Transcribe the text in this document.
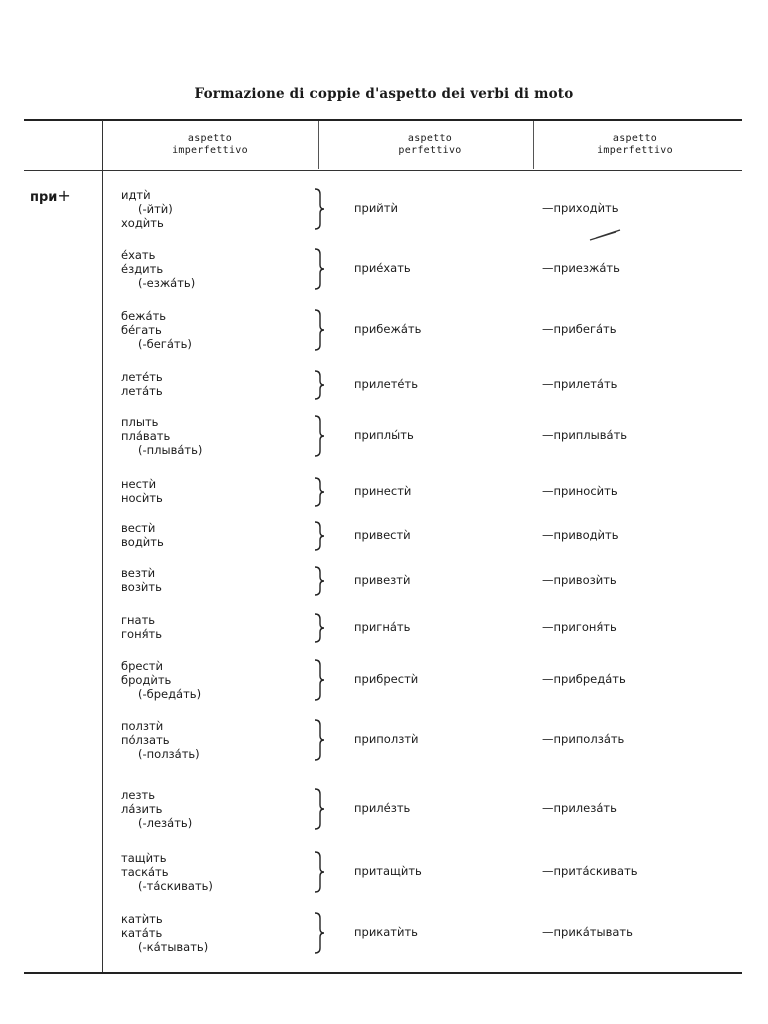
Formazione di coppie d'aspetto dei verbi di moto
aspetto
imperfettivo
aspetto
perfettivo
aspetto
imperfettivo
при+	идтѝ
(-йтѝ)
ходѝть
прийтѝ	—приходѝть
е́хать
е́здить
(-езжа́ть)
прие́хать	—приезжа́ть
бежа́ть
бе́гать
(-бега́ть)
прибежа́ть	—прибега́ть
лете́ть
лета́ть	прилете́ть	—прилета́ть
плыть
пла́вать
(-плыва́ть)
приплы́ть	—приплыва́ть
нестѝ
носѝть	принестѝ	—приносѝть
вестѝ
водѝть	привестѝ	—приводѝть
везтѝ
возѝть	привезтѝ	—привозѝть
гнать
гоня́ть	пригна́ть	—пригоня́ть
брестѝ
бродѝть
(-бреда́ть)
прибрестѝ	—прибреда́ть
ползтѝ
по́лзать
(-полза́ть)
приползтѝ	—приполза́ть
лезть
ла́зить
(-леза́ть)
приле́зть	—прилеза́ть
тащѝть
таска́ть
(-та́скивать)
притащѝть	—прита́скивать
катѝть
ката́ть
(-ка́тывать)
прикатѝть	—прика́тывать
